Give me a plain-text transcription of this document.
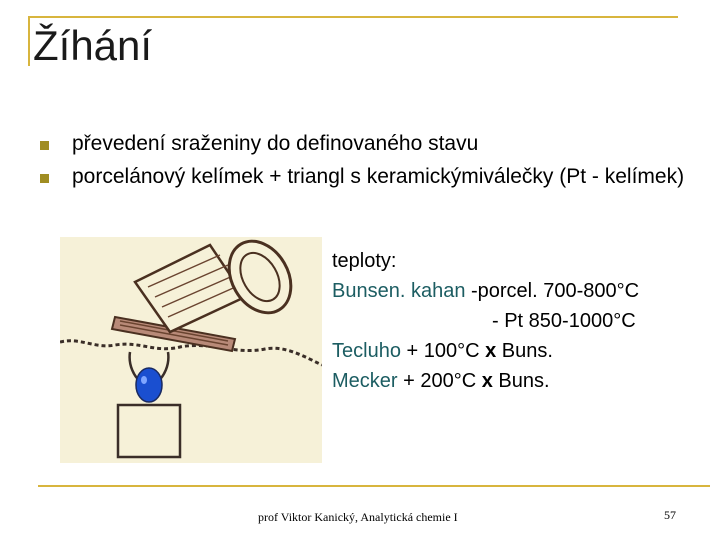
Žíhání
převedení sraženiny do definovaného stavu
porcelánový kelímek + triangl s keramickýmiválečky (Pt - kelímek)
teploty:
Bunsen. kahan -porcel. 700-800°C
- Pt 850-1000°C
Tecluho + 100°C x Buns.
Mecker + 200°C x Buns.
prof Viktor Kanický, Analytická chemie I	57
